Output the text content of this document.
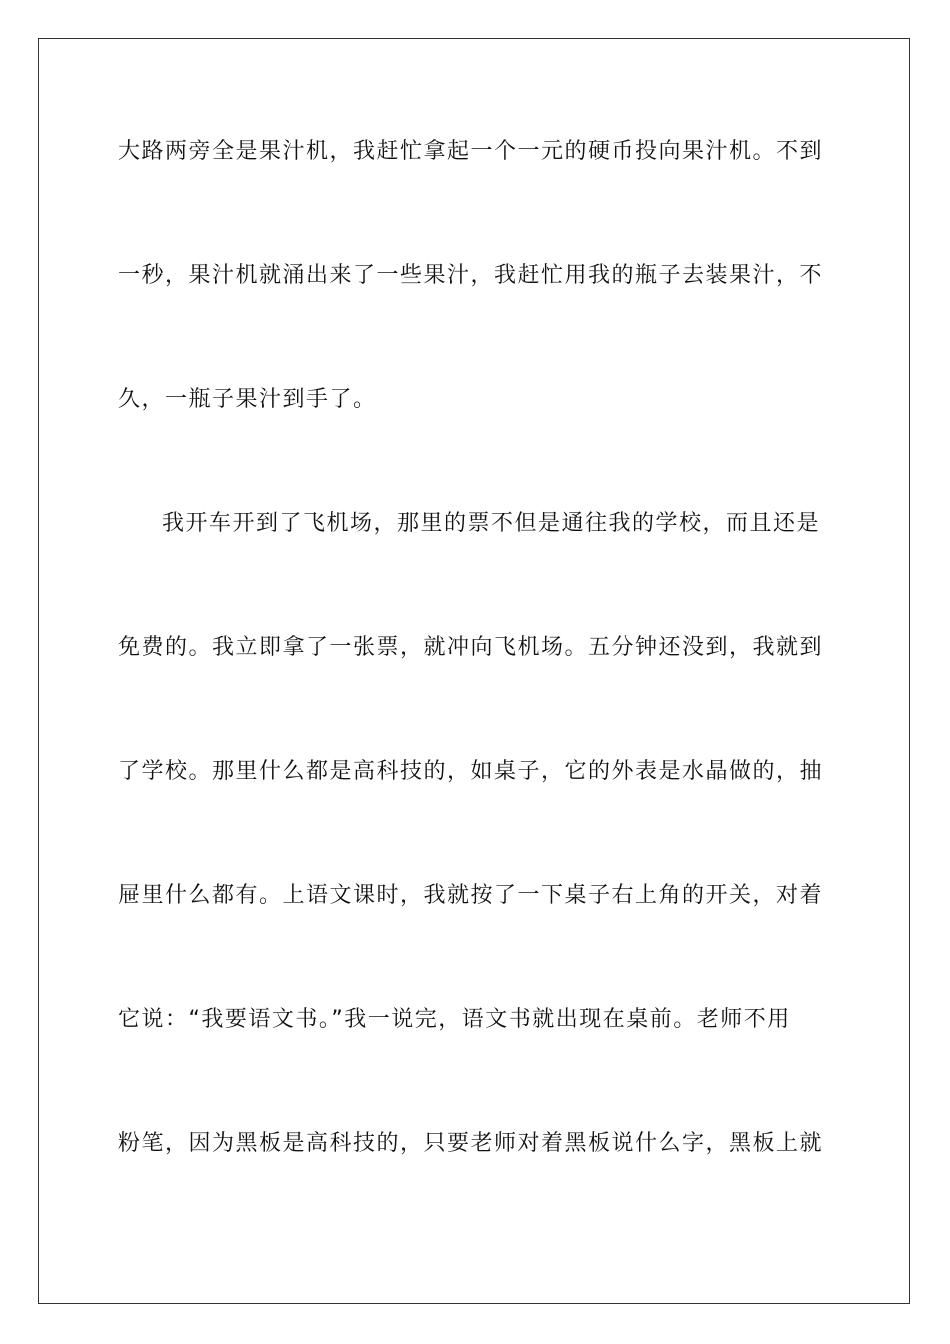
大路两旁全是果汁机，我赶忙拿起一个一元的硬币投向果汁机。不到
一秒，果汁机就涌出来了一些果汁，我赶忙用我的瓶子去装果汁，不
久，一瓶子果汁到手了。
我开车开到了飞机场，那里的票不但是通往我的学校，而且还是
免费的。我立即拿了一张票，就冲向飞机场。五分钟还没到，我就到
了学校。那里什么都是高科技的，如桌子，它的外表是水晶做的，抽
屉里什么都有。上语文课时，我就按了一下桌子右上角的开关，对着
它说：“我要语文书。”我一说完，语文书就出现在桌前。老师不用
粉笔，因为黑板是高科技的，只要老师对着黑板说什么字，黑板上就
